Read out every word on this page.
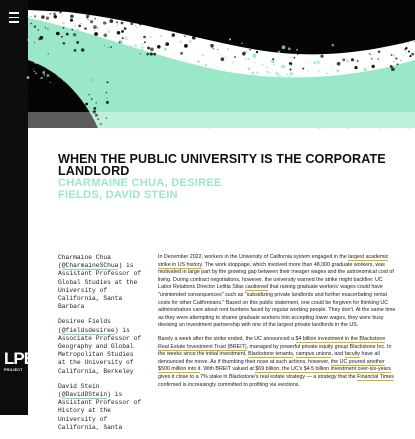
LPE
PROJECT
WHEN THE PUBLIC UNIVERSITY IS THE CORPORATE LANDLORD
CHARMAINE CHUA, DESIREE FIELDS, DAVID STEIN

Charmaine Chua (@CharmaineSChua) is Assistant Professor of Global Studies at the University of California, Santa Barbara

Desiree Fields (@fieldsdesiree) is Associate Professor of Geography and Global Metropolitan Studies at the University of California, Berkeley

David Stein (@DavidDStein) is Assistant Professor of History at the University of California, Santa

In December 2022, workers in the University of California system engaged in the largest academic strike in US history. The work stoppage, which involved more than 48,000 graduate workers, was motivated in large part by the growing gap between their meager wages and the astronomical cost of living. During contract negotiations, however, the university warned the strike might backfire: UC Labor Relations Director Letitia Silas cautioned that raising graduate workers' wages could have "unintended consequences" such as "subsidizing private landlords and further exacerbating rental costs for other Californians." Based on this public statement, one could be forgiven for thinking UC administrators care about rent burdens faced by regular working people. They don't. At the same time as they were attempting to shame graduate workers into accepting lower wages, they were busy devising an investment partnership with one of the largest private landlords in the US.

Barely a week after the strike ended, the UC announced a $4 billion investment in the Blackstone Real Estate Investment Trust (BREIT), managed by powerful private equity group Blackstone Inc. In the weeks since the initial investment, Blackstone tenants, campus unions, and faculty have all denounced the move. As if thumbing their nose at such actions, however, the UC poured another $500 million into it. With BREIT valued at $69 billion, the UC's $4.5 billion investment over-six-years gives it close to a 7% stake in Blackstone's real estate strategy — a strategy that the Financial Times confirmed is increasingly committed to profiting via evictions.
